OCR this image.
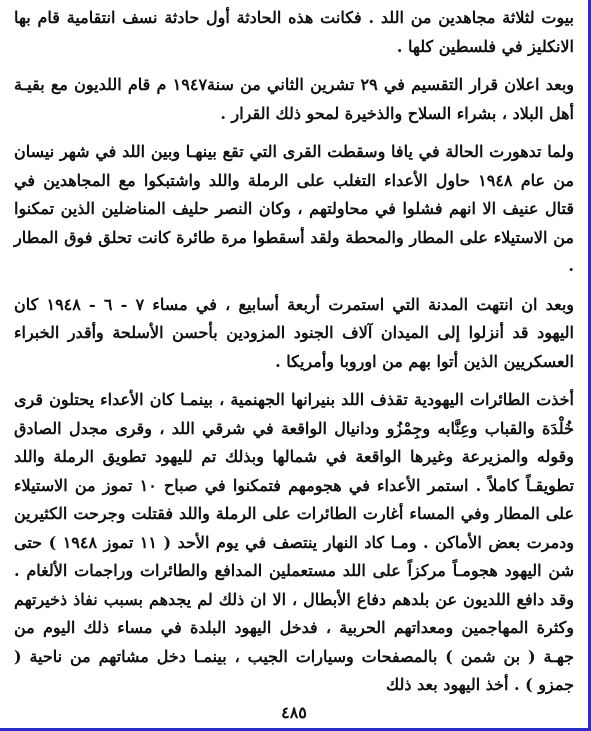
بيوت لثلاثة مجاهدين من اللد . فكانت هذه الحادثة أول حادثة نسف انتقامية قام بها الانكليز في فلسطين كلها .

وبعد اعلان قرار التقسيم في ٢٩ تشرين الثاني من سنة١٩٤٧ م قام اللديون مع بقيـة أهل البلاد ، بشراء السلاح والذخيرة لمحو ذلك القرار .

ولما تدهورت الحالة في يافا وسقطت القرى التي تقع بينهـا وبين اللد في شهر نيسان من عام ١٩٤٨ حاول الأعداء التغلب على الرملة واللد واشتبكوا مع المجاهدين في قتال عنيف الا انهم فشلوا في محاولتهم ، وكان النصر حليف المناضلين الذين تمكنوا من الاستيلاء على المطار والمحطة ولقد أسقطوا مرة طائرة كانت تحلق فوق المطار .

وبعد ان انتهت المدنة التي استمرت أربعة أسابيع ، في مساء ٧ - ٦ - ١٩٤٨ كان اليهود قد أنزلوا إلى الميدان آلاف الجنود المزودين بأحسن الأسلحة وأقدر الخبراء العسكريين الذين أتوا بهم من اوروبا وأمريكا .

أخذت الطائرات اليهودية تقذف اللد بنيرانها الجهنمية ، بينمـا كان الأعداء يحتلون قرى خُلْدَة والقباب وعِنَّابه وجِمْزُو ودانيال الواقعة في شرقي اللد ، وقرى مجدل الصادق وقوله والمزيرعة وغيرها الواقعة في شمالها وبذلك تم لليهود تطويق الرملة واللد تطويقـاً كاملاً . استمر الأعداء في هجومهم فتمكنوا في صباح ١٠ تموز من الاستيلاء على المطار وفي المساء أغارت الطائرات على الرملة واللد فقتلت وجرحت الكثيرين ودمرت بعض الأماكن . ومـا كاد النهار ينتصف في يوم الأحد ( ١١ تموز ١٩٤٨ ) حتى شن اليهود هجومـاً مركزاً على اللد مستعملين المدافع والطائرات وراجمات الألغام . وقد دافع اللديون عن بلدهم دفاع الأبطال ، الا ان ذلك لم يجدهم بسبب نفاذ ذخيرتهم وكثرة المهاجمين ومعداتهم الحربية ، فدخل اليهود البلدة في مساء ذلك اليوم من جهـة ( بن شمن ) بالمصفحات وسيارات الجيب ، بينمـا دخل مشاتهم من ناحية ( جمزو ) . أخذ اليهود بعد ذلك

٤٨٥
